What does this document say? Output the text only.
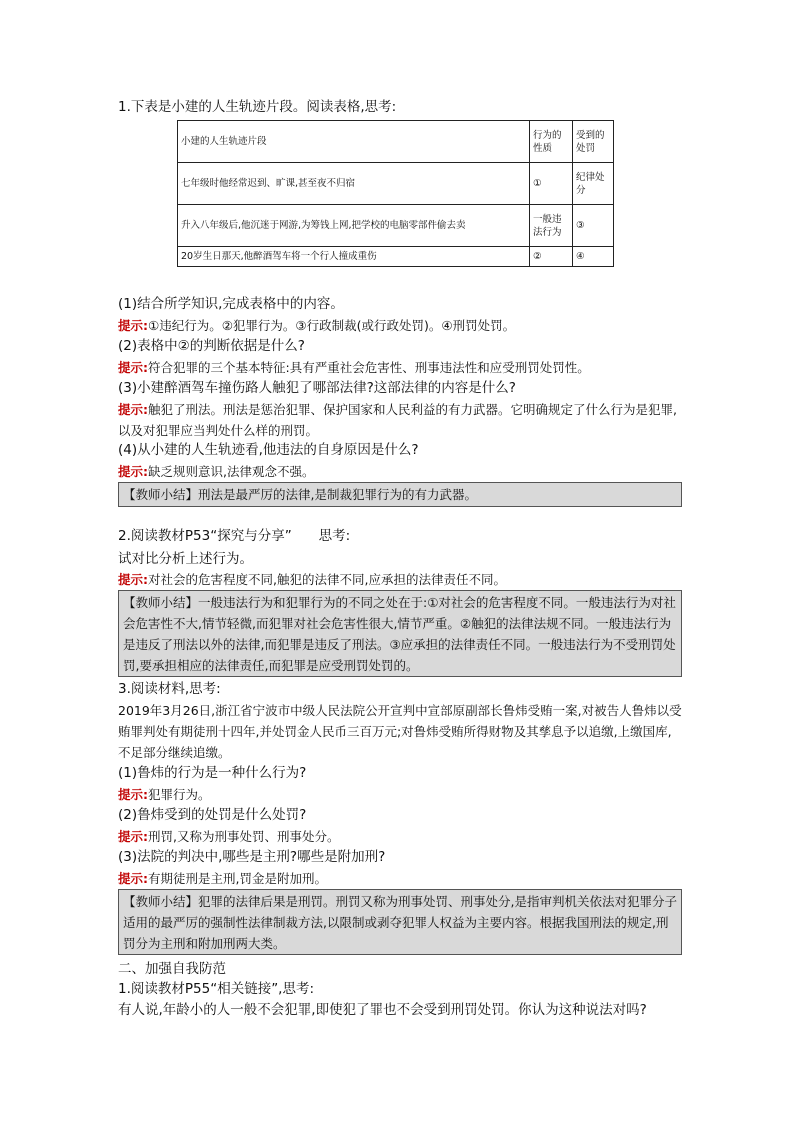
1.下表是小建的人生轨迹片段。阅读表格,思考:
小建的人生轨迹片段	行为的性质	受到的处罚
七年级时他经常迟到、旷课,甚至夜不归宿	①	纪律处分
升入八年级后,他沉迷于网游,为筹钱上网,把学校的电脑零部件偷去卖	一般违法行为	③
20岁生日那天,他醉酒驾车将一个行人撞成重伤	②	④
(1)结合所学知识,完成表格中的内容。
提示:①违纪行为。②犯罪行为。③行政制裁(或行政处罚)。④刑罚处罚。
(2)表格中②的判断依据是什么?
提示:符合犯罪的三个基本特征:具有严重社会危害性、刑事违法性和应受刑罚处罚性。
(3)小建醉酒驾车撞伤路人触犯了哪部法律?这部法律的内容是什么?
提示:触犯了刑法。刑法是惩治犯罪、保护国家和人民利益的有力武器。它明确规定了什么行为是犯罪,以及对犯罪应当判处什么样的刑罚。
(4)从小建的人生轨迹看,他违法的自身原因是什么?
提示:缺乏规则意识,法律观念不强。
【教师小结】刑法是最严厉的法律,是制裁犯罪行为的有力武器。
2.阅读教材P53“探究与分享”　　思考:
试对比分析上述行为。
提示:对社会的危害程度不同,触犯的法律不同,应承担的法律责任不同。
【教师小结】一般违法行为和犯罪行为的不同之处在于:①对社会的危害程度不同。一般违法行为对社会危害性不大,情节轻微,而犯罪对社会危害性很大,情节严重。②触犯的法律法规不同。一般违法行为是违反了刑法以外的法律,而犯罪是违反了刑法。③应承担的法律责任不同。一般违法行为不受刑罚处罚,要承担相应的法律责任,而犯罪是应受刑罚处罚的。
3.阅读材料,思考:
2019年3月26日,浙江省宁波市中级人民法院公开宣判中宣部原副部长鲁炜受贿一案,对被告人鲁炜以受贿罪判处有期徒刑十四年,并处罚金人民币三百万元;对鲁炜受贿所得财物及其孳息予以追缴,上缴国库,不足部分继续追缴。
(1)鲁炜的行为是一种什么行为?
提示:犯罪行为。
(2)鲁炜受到的处罚是什么处罚?
提示:刑罚,又称为刑事处罚、刑事处分。
(3)法院的判决中,哪些是主刑?哪些是附加刑?
提示:有期徒刑是主刑,罚金是附加刑。
【教师小结】犯罪的法律后果是刑罚。刑罚又称为刑事处罚、刑事处分,是指审判机关依法对犯罪分子适用的最严厉的强制性法律制裁方法,以限制或剥夺犯罪人权益为主要内容。根据我国刑法的规定,刑罚分为主刑和附加刑两大类。
二、加强自我防范
1.阅读教材P55“相关链接”,思考:
有人说,年龄小的人一般不会犯罪,即使犯了罪也不会受到刑罚处罚。你认为这种说法对吗?
